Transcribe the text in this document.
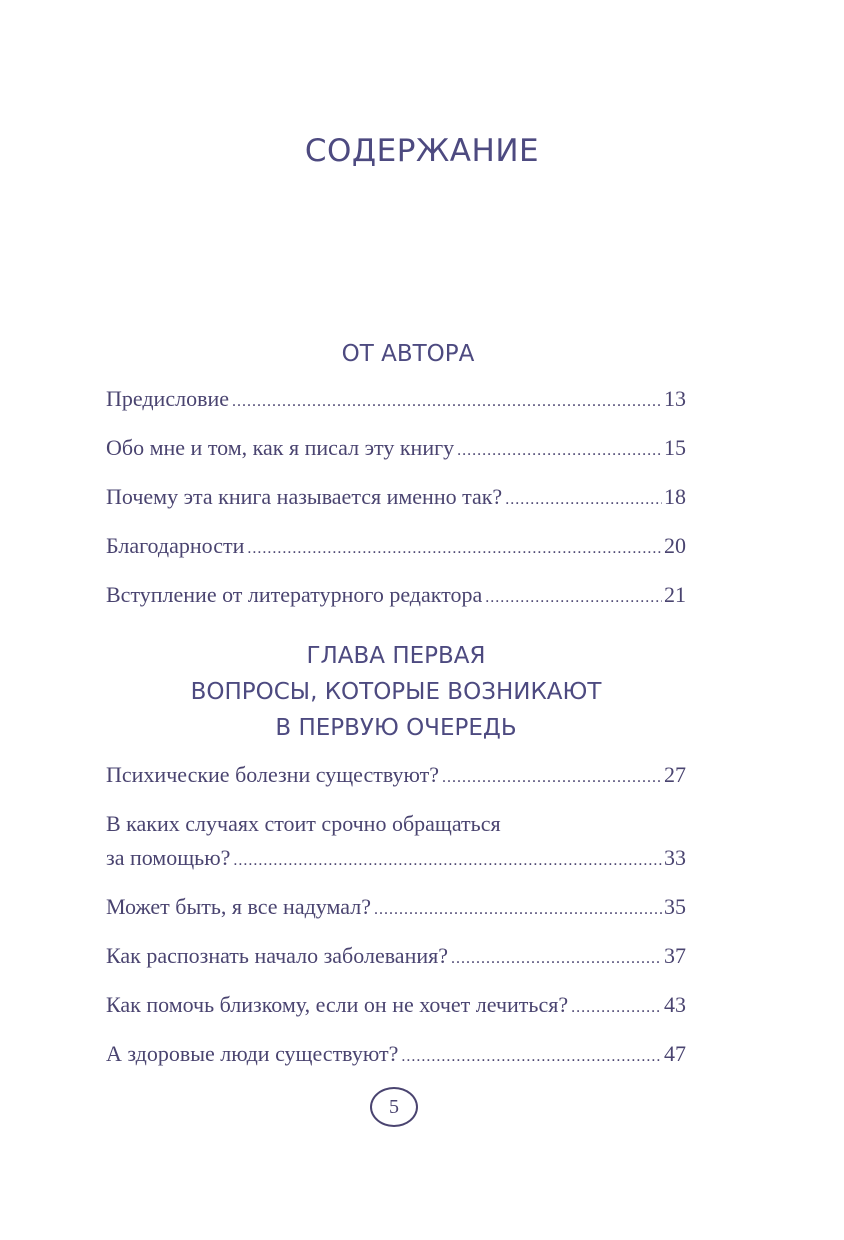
СОДЕРЖАНИЕ
ОТ АВТОРА
Предисловие .....	13
Обо мне и том, как я писал эту книгу .....	15
Почему эта книга называется именно так? .....	18
Благодарности .....	20
Вступление от литературного редактора .....	21
ГЛАВА ПЕРВАЯ
ВОПРОСЫ, КОТОРЫЕ ВОЗНИКАЮТ
В ПЕРВУЮ ОЧЕРЕДЬ
Психические болезни существуют? .....	27
В каких случаях стоит срочно обращаться
за помощью? .....	33
Может быть, я все надумал? .....	35
Как распознать начало заболевания? .....	37
Как помочь близкому, если он не хочет лечиться? .....	43
А здоровые люди существуют? .....	47
5
